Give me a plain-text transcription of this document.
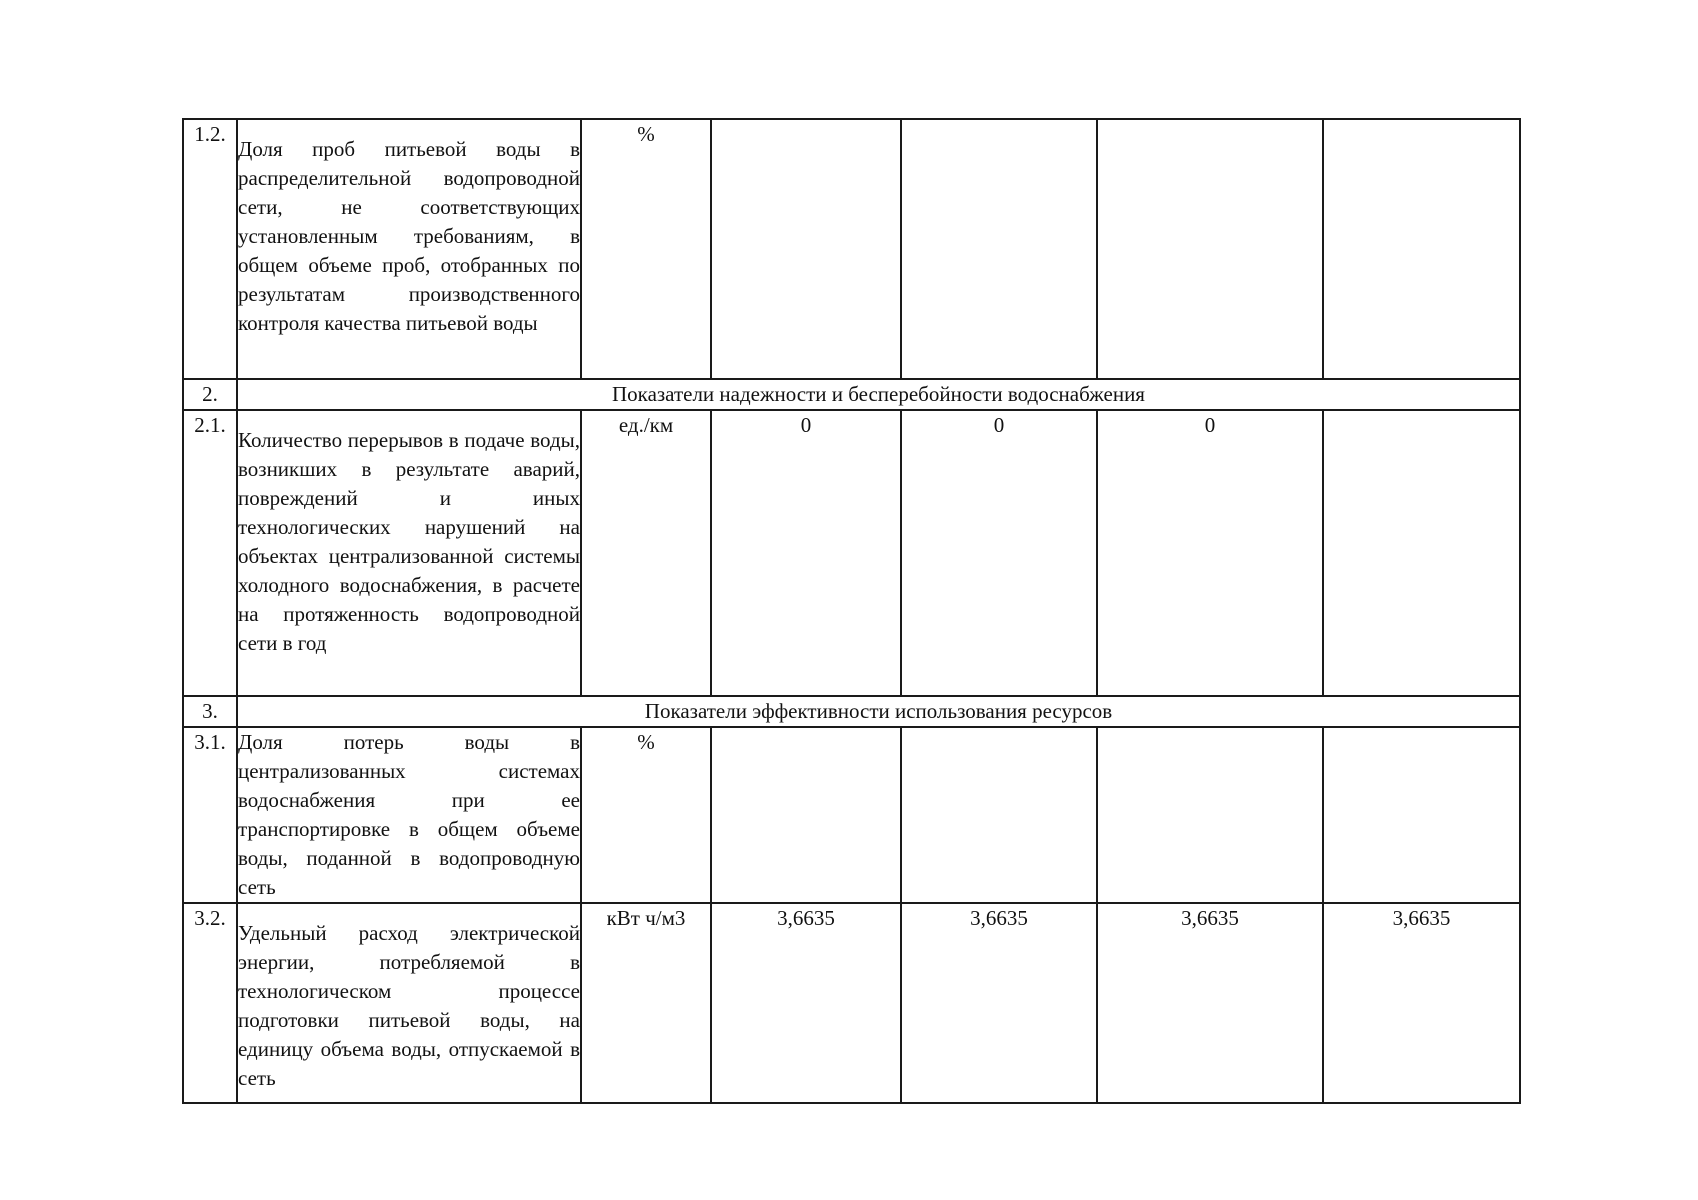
1.2.	Доля проб питьевой воды в распределительной водопроводной сети, не соответствующих установленным требованиям, в общем объеме проб, отобранных по результатам производственного контроля качества питьевой воды	%				
2.	Показатели надежности и бесперебойности водоснабжения					
2.1.	Количество перерывов в подаче воды, возникших в результате аварий, повреждений и иных технологических нарушений на объектах централизованной системы холодного водоснабжения, в расчете на протяженность водопроводной сети в год	ед./км	0	0	0	
3.	Показатели эффективности использования ресурсов					
3.1.	Доля потерь воды в централизованных системах водоснабжения при ее транспортировке в общем объеме воды, поданной в водопроводную сеть	%				
3.2.	Удельный расход электрической энергии, потребляемой в технологическом процессе подготовки питьевой воды, на единицу объема воды, отпускаемой в сеть	кВт ч/м3	3,6635	3,6635	3,6635	3,6635
